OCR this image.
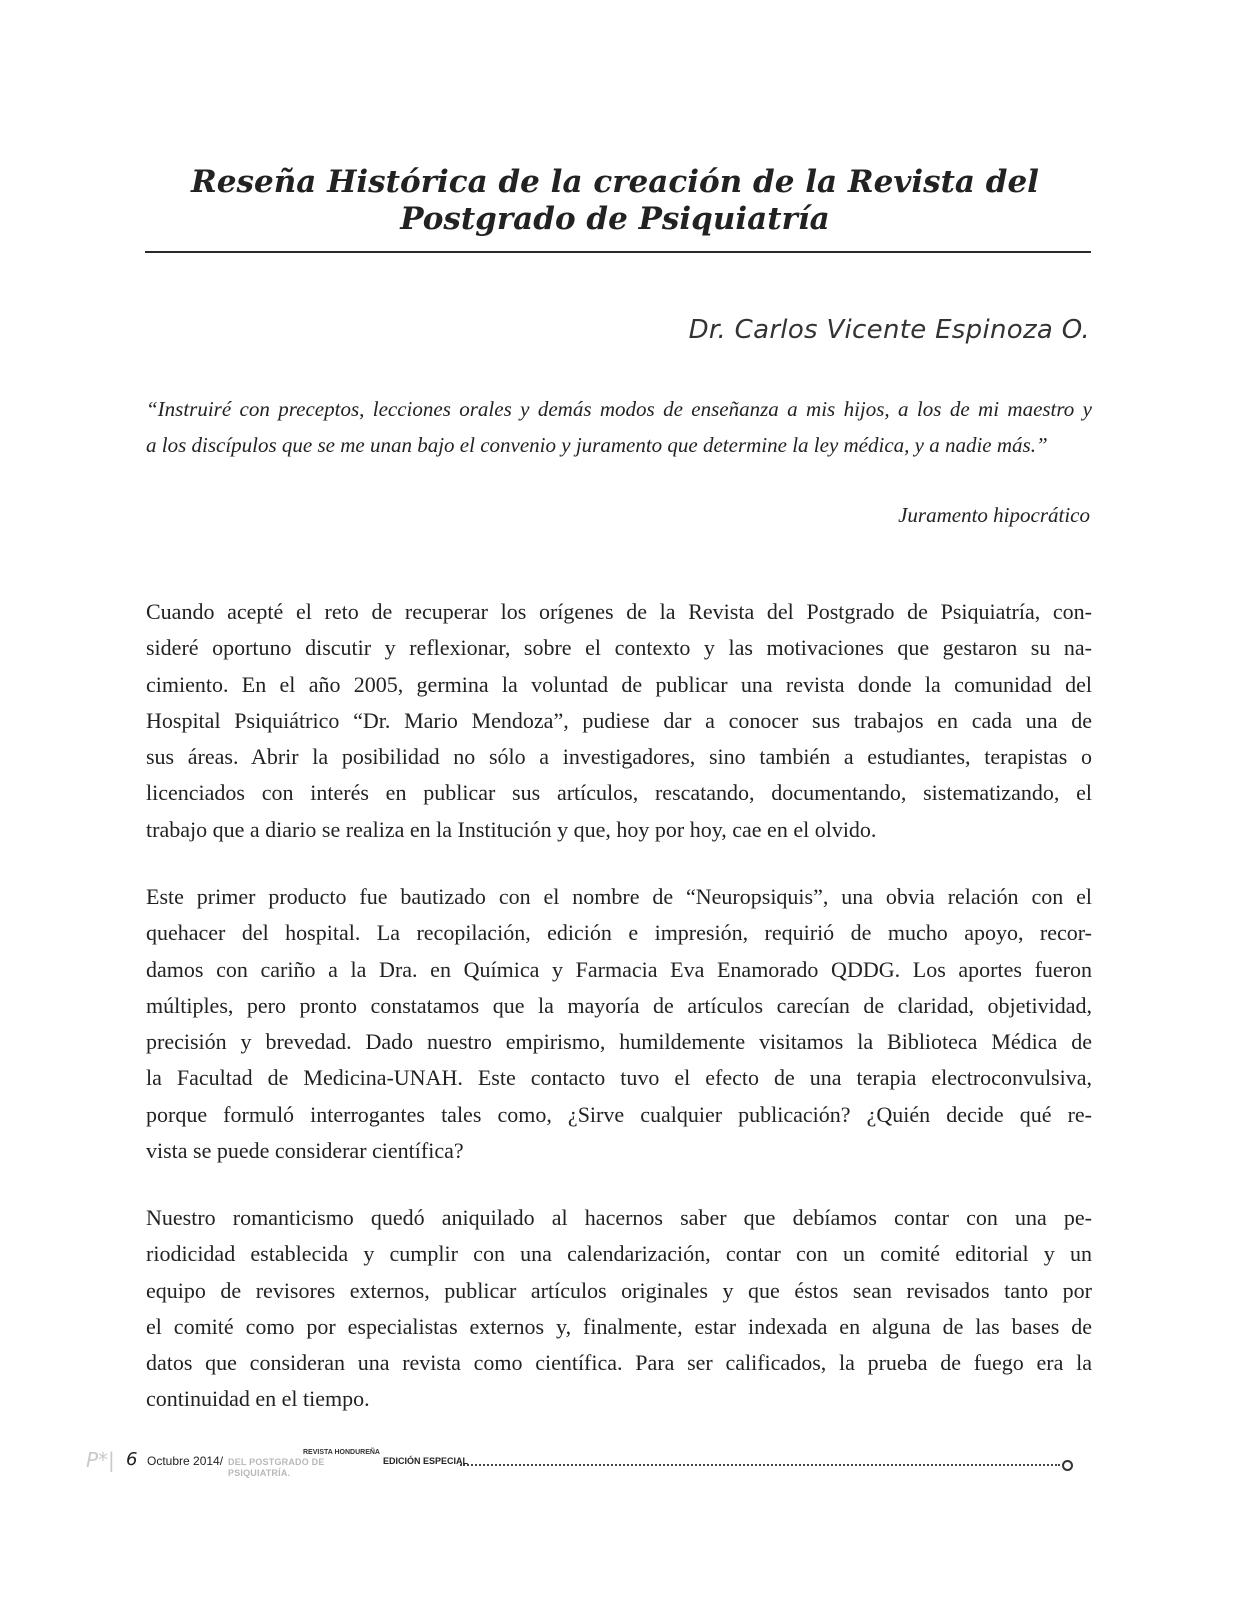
Reseña Histórica de la creación de la Revista del
Postgrado de Psiquiatría
Dr. Carlos Vicente Espinoza O.

“Instruiré con preceptos, lecciones orales y demás modos de enseñanza a mis hijos, a los de mi maestro y
a los discípulos que se me unan bajo el convenio y juramento que determine la ley médica, y a nadie más.”

Juramento hipocrático

Cuando acepté el reto de recuperar los orígenes de la Revista del Postgrado de Psiquiatría, con-
sideré oportuno discutir y reflexionar, sobre el contexto y las motivaciones que gestaron su na-
cimiento. En el año 2005, germina la voluntad de publicar una revista donde la comunidad del
Hospital Psiquiátrico “Dr. Mario Mendoza”, pudiese dar a conocer sus trabajos en cada una de
sus áreas. Abrir la posibilidad no sólo a investigadores, sino también a estudiantes, terapistas o
licenciados con interés en publicar sus artículos, rescatando, documentando, sistematizando, el
trabajo que a diario se realiza en la Institución y que, hoy por hoy, cae en el olvido.

Este primer producto fue bautizado con el nombre de “Neuropsiquis”, una obvia relación con el
quehacer del hospital. La recopilación, edición e impresión, requirió de mucho apoyo, recor-
damos con cariño a la Dra. en Química y Farmacia Eva Enamorado QDDG. Los aportes fueron
múltiples, pero pronto constatamos que la mayoría de artículos carecían de claridad, objetividad,
precisión y brevedad. Dado nuestro empirismo, humildemente visitamos la Biblioteca Médica de
la Facultad de Medicina-UNAH. Este contacto tuvo el efecto de una terapia electroconvulsiva,
porque formuló interrogantes tales como, ¿Sirve cualquier publicación? ¿Quién decide qué re-
vista se puede considerar científica?

Nuestro romanticismo quedó aniquilado al hacernos saber que debíamos contar con una pe-
riodicidad establecida y cumplir con una calendarización, contar con un comité editorial y un
equipo de revisores externos, publicar artículos originales y que éstos sean revisados tanto por
el comité como por especialistas externos y, finalmente, estar indexada en alguna de las bases de
datos que consideran una revista como científica. Para ser calificados, la prueba de fuego era la
continuidad en el tiempo.

P*| 6 Octubre 2014/
REVISTA HONDUREÑA
DEL POSTGRADO DE PSIQUIATRÍA.
EDICIÓN ESPECIAL
